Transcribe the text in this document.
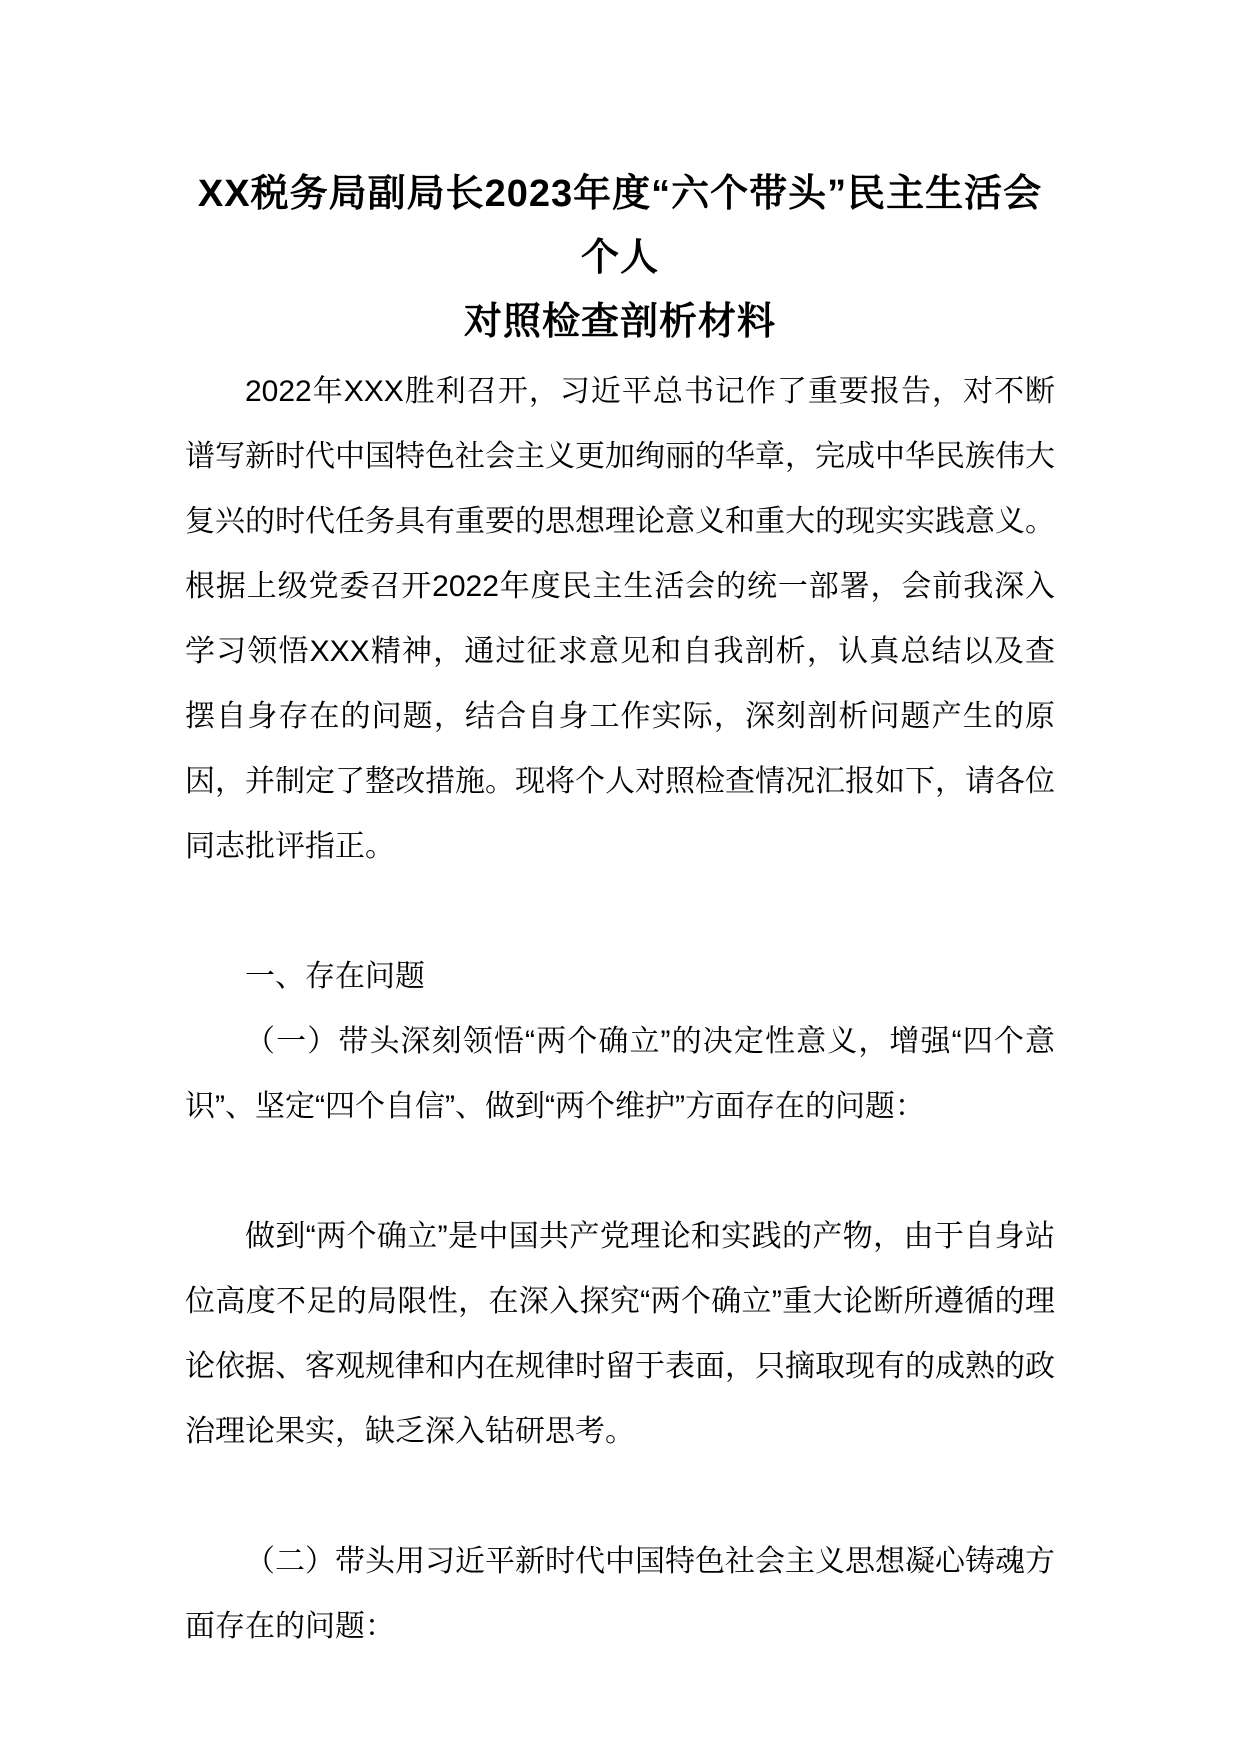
XX税务局副局长2023年度“六个带头”民主生活会个人
对照检查剖析材料

2022年XXX胜利召开，习近平总书记作了重要报告，对不断谱写新时代中国特色社会主义更加绚丽的华章，完成中华民族伟大复兴的时代任务具有重要的思想理论意义和重大的现实实践意义。根据上级党委召开2022年度民主生活会的统一部署，会前我深入学习领悟XXX精神，通过征求意见和自我剖析，认真总结以及查摆自身存在的问题，结合自身工作实际，深刻剖析问题产生的原因，并制定了整改措施。现将个人对照检查情况汇报如下，请各位同志批评指正。

一、存在问题

（一）带头深刻领悟“两个确立”的决定性意义，增强“四个意识”、坚定“四个自信”、做到“两个维护”方面存在的问题：

做到“两个确立”是中国共产党理论和实践的产物，由于自身站位高度不足的局限性，在深入探究“两个确立”重大论断所遵循的理论依据、客观规律和内在规律时留于表面，只摘取现有的成熟的政治理论果实，缺乏深入钻研思考。

（二）带头用习近平新时代中国特色社会主义思想凝心铸魂方面存在的问题：
